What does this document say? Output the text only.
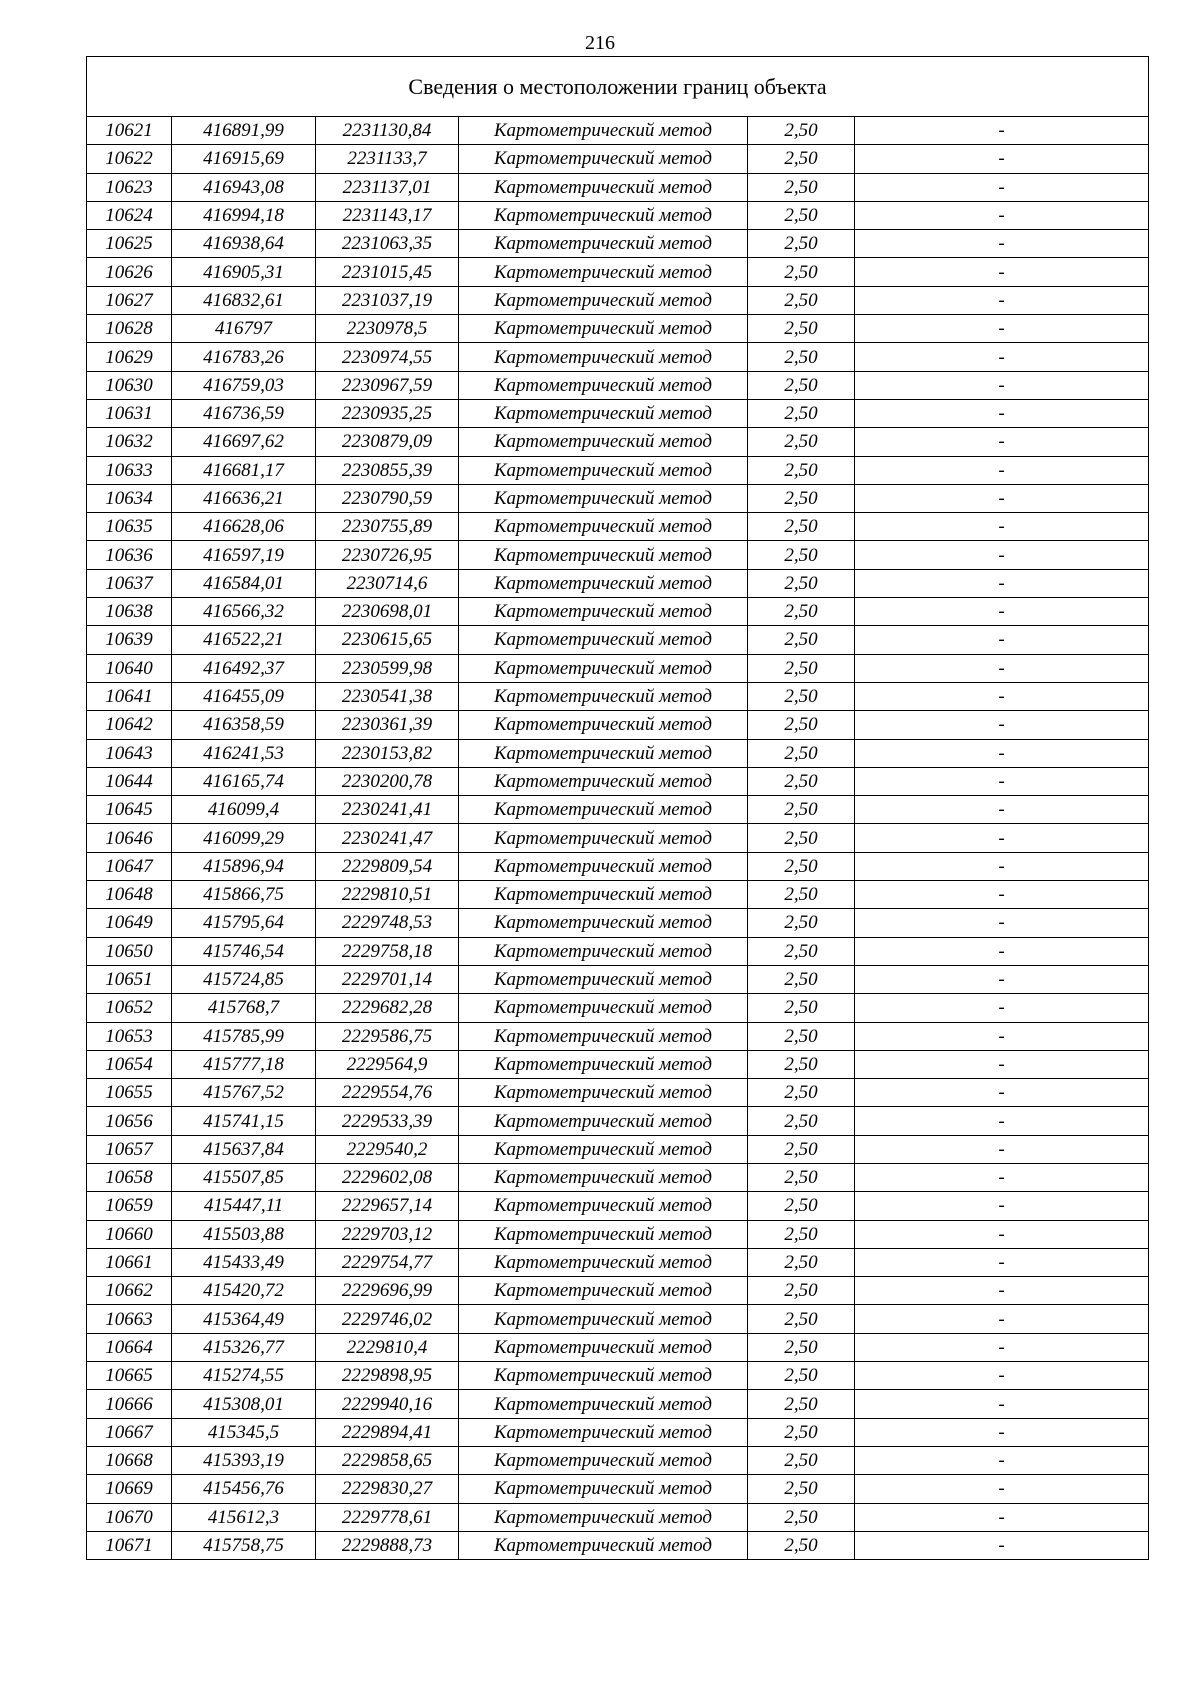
216
Сведения о местоположении границ объекта					
10621	416891,99	2231130,84	Картометрический метод	2,50	-
10622	416915,69	2231133,7	Картометрический метод	2,50	-
10623	416943,08	2231137,01	Картометрический метод	2,50	-
10624	416994,18	2231143,17	Картометрический метод	2,50	-
10625	416938,64	2231063,35	Картометрический метод	2,50	-
10626	416905,31	2231015,45	Картометрический метод	2,50	-
10627	416832,61	2231037,19	Картометрический метод	2,50	-
10628	416797	2230978,5	Картометрический метод	2,50	-
10629	416783,26	2230974,55	Картометрический метод	2,50	-
10630	416759,03	2230967,59	Картометрический метод	2,50	-
10631	416736,59	2230935,25	Картометрический метод	2,50	-
10632	416697,62	2230879,09	Картометрический метод	2,50	-
10633	416681,17	2230855,39	Картометрический метод	2,50	-
10634	416636,21	2230790,59	Картометрический метод	2,50	-
10635	416628,06	2230755,89	Картометрический метод	2,50	-
10636	416597,19	2230726,95	Картометрический метод	2,50	-
10637	416584,01	2230714,6	Картометрический метод	2,50	-
10638	416566,32	2230698,01	Картометрический метод	2,50	-
10639	416522,21	2230615,65	Картометрический метод	2,50	-
10640	416492,37	2230599,98	Картометрический метод	2,50	-
10641	416455,09	2230541,38	Картометрический метод	2,50	-
10642	416358,59	2230361,39	Картометрический метод	2,50	-
10643	416241,53	2230153,82	Картометрический метод	2,50	-
10644	416165,74	2230200,78	Картометрический метод	2,50	-
10645	416099,4	2230241,41	Картометрический метод	2,50	-
10646	416099,29	2230241,47	Картометрический метод	2,50	-
10647	415896,94	2229809,54	Картометрический метод	2,50	-
10648	415866,75	2229810,51	Картометрический метод	2,50	-
10649	415795,64	2229748,53	Картометрический метод	2,50	-
10650	415746,54	2229758,18	Картометрический метод	2,50	-
10651	415724,85	2229701,14	Картометрический метод	2,50	-
10652	415768,7	2229682,28	Картометрический метод	2,50	-
10653	415785,99	2229586,75	Картометрический метод	2,50	-
10654	415777,18	2229564,9	Картометрический метод	2,50	-
10655	415767,52	2229554,76	Картометрический метод	2,50	-
10656	415741,15	2229533,39	Картометрический метод	2,50	-
10657	415637,84	2229540,2	Картометрический метод	2,50	-
10658	415507,85	2229602,08	Картометрический метод	2,50	-
10659	415447,11	2229657,14	Картометрический метод	2,50	-
10660	415503,88	2229703,12	Картометрический метод	2,50	-
10661	415433,49	2229754,77	Картометрический метод	2,50	-
10662	415420,72	2229696,99	Картометрический метод	2,50	-
10663	415364,49	2229746,02	Картометрический метод	2,50	-
10664	415326,77	2229810,4	Картометрический метод	2,50	-
10665	415274,55	2229898,95	Картометрический метод	2,50	-
10666	415308,01	2229940,16	Картометрический метод	2,50	-
10667	415345,5	2229894,41	Картометрический метод	2,50	-
10668	415393,19	2229858,65	Картометрический метод	2,50	-
10669	415456,76	2229830,27	Картометрический метод	2,50	-
10670	415612,3	2229778,61	Картометрический метод	2,50	-
10671	415758,75	2229888,73	Картометрический метод	2,50	-
